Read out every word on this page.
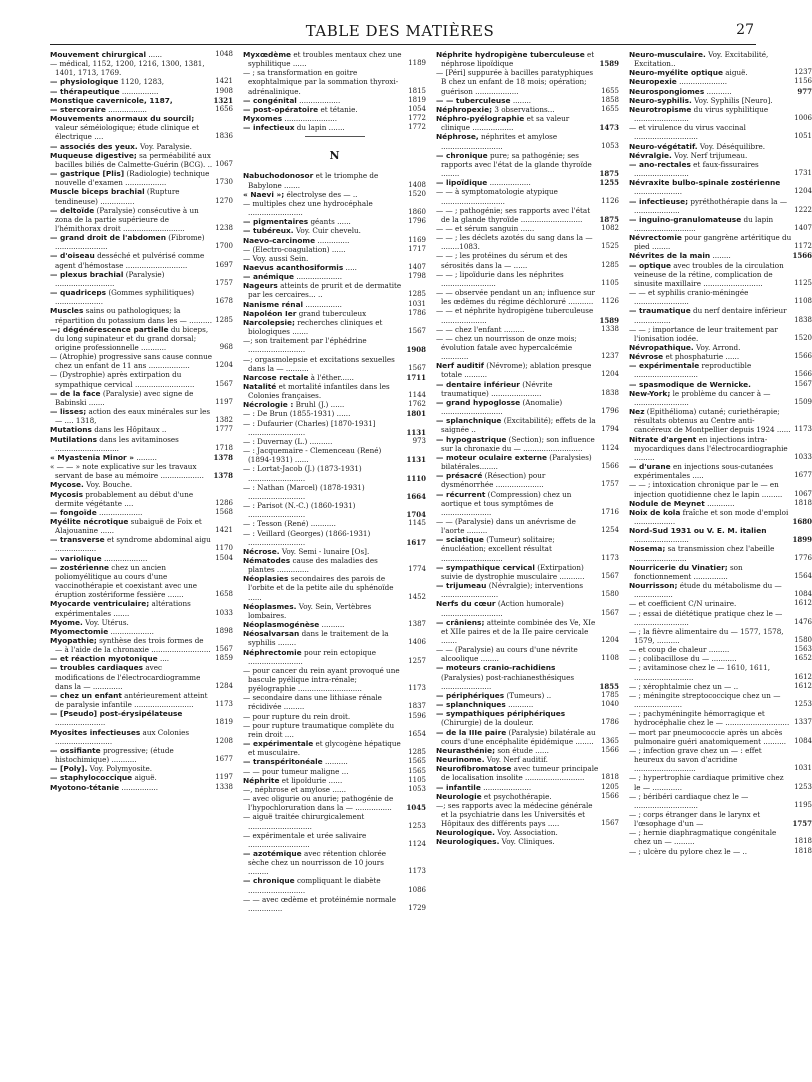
TABLE DES MATIÈRES	27
Mouvement chirurgical ......	1048
— médical, 1152, 1200, 1216, 1300, 1381, 1401, 1713, 1769.
— physiologique 1120, 1283,	1421
— thérapeutique ................	1908
Monstique cavernicole, 1187,	1321
— stercoraire .................	1656
Mouvements anormaux du sourcil; valeur séméiologique; étude clinique et électrique ....	1836
— associés des yeux. Voy. Paralysie.
Muqueuse digestive; sa perméabilité aux bacilles biliés de Calmette-Guérin (BCG). .. 1067
— gastrique [Plis] (Radiologie) technique nouvelle d'examen ..................	1730
Muscle biceps brachial (Rupture tendineuse) ...............	1270
— deltoïde (Paralysie) consécutive à un zona de la partie supérieure de l'hémithorax droit ...........................	1238
— grand droit de l'abdomen (Fibrome) .......................	1700
— d'oiseau desséché et pulvérisé comme agent d'hémostase ...........................	1697
— plexus brachial (Paralysie) ..........................	1757
— quadriceps (Gommes syphilitiques) .....................	1678
Muscles sains ou pathologiques; la répartition du potassium dans les — .......... 1285
—; dégénérescence partielle du biceps, du long supinateur et du grand dorsal; origine professionnelle ...........	968
— (Atrophie) progressive sans cause connue chez un enfant de 11 ans ..................	1204
— (Dystrophie) après extirpation du sympathique cervical ..........................	1567
— de la face (Paralysie) avec signe de Babinski .......	1197
— lisses; action des eaux minérales sur les — .... 1318,	1382
Mutations dans les Hôpitaux ..	1777
Mutilations dans les avitaminoses ............................	1718
« Myastenia Minor » .........	1378
« — — » note explicative sur les travaux servant de base au mémoire ................... 1378
Mycose. Voy. Bouche.
Mycosis probablement au début d'une dermite végétante ....	1286
— fongoïde ...................	1568
Myélite nécrotique subaiguë de Foix et Alajouanine ......	1421
— transverse et syndrome abdominal aigu ..................	1170
— variolique ...................	1504
— zostérienne chez un ancien poliomyélitique au cours d'une vaccinothérapie et coexistant avec une éruption zostériforme fessière .......	1658
Myocarde ventriculaire; altérations expérimentales .......	1033
Myome. Voy. Utérus.
Myomectomie ...................	1898
Myopathie; synthèse des trois formes de — à l'aide de la chronaxie .......................... 1567
— et réaction myotonique ....	1859
— troubles cardiaques avec modifications de l'électrocardiogramme dans la — .............	1284
— chez un enfant antérieurement atteint de paralysie infantile ..........................	1173
— [Pseudo] post-érysipélateuse ......................	1819
Myosites infectieuses aux Colonies .........................	1208
— ossifiante progressive; (étude histochimique) ...........	1677
— [Poly]. Voy. Polymyosite.
— staphylococcique aiguë.	1197
Myotono-tétanie ................	1338
Myxœdème et troubles mentaux chez une syphilitique ......	1189
— ; sa transformation en goitre exophtalmique par la sommation thyroxi-adrénalinique.	1815
— congénital ..................	1819
— post-opératoire et tétanie.	1054
Myxomes .......................	1772
— infectieux du lapin .......	1772
N
Nabuchodonosor et le triomphe de Babylone .......	1408
« Naevi »; électrolyse des — ..	1520
— multiples chez une hydrocéphale ........................	1860
— pigmentaires géants ......	1796
— tubéreux. Voy. Cuir chevelu.
Naevo-carcinome ..............	1169
— (Electro-coagulation) ......	1717
— Voy. aussi Sein.
Naevus acanthosiformis .....	1407
— anémique ....................	1798
Nageurs atteints de prurit et de dermatite par les cercaires... ..	1285
Nanisme rénal ................	1031
Napoléon Ier grand tuberculeux	1786
Narcolepsie; recherches cliniques et biologiques .......	1567
—; son traitement par l'éphédrine .........................	1908
—; orgasmolepsie et excitations sexuelles dans la — ..........	1567
Narcose rectale à l'éther......	1711
Natalité et mortalité infantiles dans les Colonies françaises.	1144
Nécrologie : Bruhl (J.) ......	1762
— : De Brun (1855-1931) ......	1801
— : Dufaurier (Charles) [1870-1931] .........................	1131
— : Duvernay (L.) ..........	973
— : Jacquemaire - Clemenceau (René) (1894-1931) ......	1131
— : Lortat-Jacob (J.) (1873-1931) .........................	1110
— : Nathan (Marcel) (1878-1931) .........................	1664
— : Parisot (N.-C.) (1860-1931) .........................	1704
— : Tesson (René) ...........	1145
— : Veillard (Georges) (1866-1931) .........................	1617
Nécrose. Voy. Semi - lunaire [Os].
Nématodes cause des maladies des plantes ..............	1774
Néoplasies secondaires des parois de l'orbite et de la petite aile du sphénoïde ......	1452
Néoplasmes. Voy. Sein, Vertèbres lombaires.
Néoplasmogénèse ..........	1387
Néosalvarsan dans le traitement de la syphilis ........	1406
Néphrectomie pour rein ectopique ........................	1257
— pour cancer du rein ayant provoqué une bascule pyélique intra-rénale; pyélographie ............................	1173
— secondaire dans une lithiase rénale récidivée .........	1837
— pour rupture du rein droit.	1596
— pour rupture traumatique complète du rein droit ....	1654
— expérimentale et glycogène hépatique et musculaire.	1285
— transpéritonéale ..........	1565
— — pour tumeur maligne ...	1565
Néphrite et lipoïdurie ......	1105
—, néphrose et amylose ......	1053
— avec oligurie ou anurie; pathogénie de l'hypochloruration dans la — ................ 1045
— aiguë traitée chirurgicalement ............................	1253
— expérimentale et urée salivaire ...........................	1124
— azotémique avec rétention chlorée sèche chez un nourrisson de 10 jours .........	1173
— chronique compliquant le diabète .........................	1086
— — avec œdème et protéinémie normale ...............	1729
Néphrite hydropigène tuberculeuse et néphrose lipoïdique	1589
— [Péri] suppurée à bacilles paratyphiques B chez un enfant de 18 mois; opération; guérison ...................	1655
— — tuberculeuse ........	1858
Néphropexie; 3 observations...	1655
Néphro-pyélographie et sa valeur clinique ..................	1473
Néphrose, néphrites et amylose ...........................	1053
— chronique pure; sa pathogénie; ses rapports avec l'état de la glande thyroïde ........	1875
— lipoïdique ..................	1255
— — à symptomatologie atypique ............................	1126
— — ; pathogénie; ses rapports avec l'état de la glande thyroïde ........................... 1875
— — et sérum sanguin ......	1082
— — ; les déclets azotés du sang dans la — ........1083.	1525
— — ; les protéines du sérum et des sérosités dans la — ......	1285
— — ; lipoïdurie dans les néphrites ........................	1105
— — observée pendant un an; influence sur les œdèmes du régime déchloruré ........... 1126
— — et néphrite hydropigène tuberculeuse ....................	1589
— — chez l'enfant .........	1338
— — chez un nourrisson de onze mois; évolution fatale avec hypercalcémie ............	1237
Nerf auditif (Névrome); ablation presque totale ..........	1204
— dentaire inférieur (Névrite traumatique) ......................	1838
— grand hypoglosse (Anomalie) ...........................	1796
— splanchnique (Excitabilité); effets de la saignée ..	1794
— hypogastrique (Section); son influence sur la chronaxie du — ..........................	1124
— moteur oculaire externe (Paralysies) bilatérales........	1566
— présacré (Résection) pour dysménorrhée .....................	1757
— récurrent (Compression) chez un aortique et tous symptômes de ......................	1716
— — (Paralysie) dans un anévrisme de l'aorte .........	1254
— sciatique (Tumeur) solitaire; énucléation; excellent résultat ...........................	1173
— sympathique cervical (Extirpation) suivie de dystrophie musculaire ........... 1567
— trijumeau (Névralgie); interventions .........................	1580
Nerfs du cœur (Action humorale) ...........................	1567
— crâniens; atteinte combinée des Ve, XIe et XIIe paires et de la IIe paire cervicale .......	1204
— — (Paralysie) au cours d'une névrite alcoolique ........	1108
— moteurs cranio-rachidiens (Paralysies) post-rachianesthésiques ......................	1855
— périphériques (Tumeurs) ..	1785
— splanchniques ...........	1040
— sympathiques périphériques (Chirurgie) de la douleur.	1786
— de la IIIe paire (Paralysie) bilatérale au cours d'une encéphalite épidémique ........ 1365
Neurasthénie; son étude ......	1566
Neurinome. Voy. Nerf auditif.
Neurofibromatose avec tumeur principale de localisation insolite .......................... 1818
— infantile .....................	1205
Neurologie et psychothérapie.	1566
—; ses rapports avec la médecine générale et la psychiatrie dans les Universités et Hôpitaux des différents pays .....	1567
Neurologique. Voy. Association.
Neurologiques. Voy. Cliniques.
Neuro-musculaire. Voy. Excitabilité, Excitation..
Neuro-myélite optique aiguë.	1237
Neuropexie .....................	1156
Neurospongiomes ...........	977
Neuro-syphilis. Voy. Syphilis [Neuro].
Neurotropisme du virus syphilitique ........................	1006
— et virulence du virus vaccinal ............................	1051
Neuro-végétatif. Voy. Déséquilibre.
Névralgie. Voy. Nerf trijumeau.
— ano-rectales et faux-fissuraires ........................	1731
Névraxite bulbo-spinale zostérienne .....................	1204
— infectieuse; pyréthothérapie dans la — ....................	1222
— inguino-granulomateuse du lapin ...........................	1407
Névrectomie pour gangrène artéritique du pied ........	1172
Névrites de la main ........	1566
— optique avec troubles de la circulation veineuse de la rétine, complication de sinusite maxillaire ..........................	1125
— — et syphilis cranio-méningée ........................	1108
— traumatique du nerf dentaire inférieur ................	1838
— — ; importance de leur traitement par l'ionisation iodée.	1520
Névropathique. Voy. Arrond.
Névrose et phosphaturie ......	1566
— expérimentale reproductible ............................	1566
— spasmodique de Wernicke.	1567
New-York; le problème du cancer à — ........................	1509
Nez (Epithélioma) cutané; curiethérapie; résultats obtenus au Centre anti-cancéreux de Montpellier depuis 1924 ...... 1173
Nitrate d'argent en injections intra-myocardiques dans l'électrocardiographie .........	1033
— d'urane en injections sous-cutanées expérimentales .....	1677
— — ; intoxication chronique par le — en injection quotidienne chez le lapin ......... 1067
Nodule de Meynet ............	1818
Noix de kola fraîche et son mode d'emploi ..................	1680
Nord-Sud 1931 ou V. E. M. italien ........................	1899
Nosema; sa transmission chez l'abeille .......................	1776
Nourricerie du Vinatier; son fonctionnement ...............	1564
Nourrisson; étude du métabolisme du — .................	1084
— et coefficient C/N urinaire.	1612
— ; essai de diététique pratique chez le — ........................	1476
— ; la fièvre alimentaire du — 1577, 1578, 1579, ..........	1580
— et coup de chaleur .........	1563
— ; colibacillose du — ...........	1652
— ; avitaminose chez le — 1610, 1611, ..........................	1612
— ; xérophtalmie chez un — ..	1612
— ; méningite streptococcique chez un — .....................	1253
— ; pachyméningite hémorragique et hydrocéphalie chez le — ............................ 1337
— mort par pneumococcie après un abcès pulmonaire guéri anatomiquement .......... 1084
— ; infection grave chez un — : effet heureux du savon d'acridine ...........................	1031
— ; hypertrophie cardiaque primitive chez le — .............	1253
— ; béribéri cardiaque chez le — ............................	1195
— ; corps étranger dans le larynx et l'œsophage d'un —	1757
— ; hernie diaphragmatique congénitale chez un — .........	1818
— ; ulcère du pylore chez le — ..	1818
